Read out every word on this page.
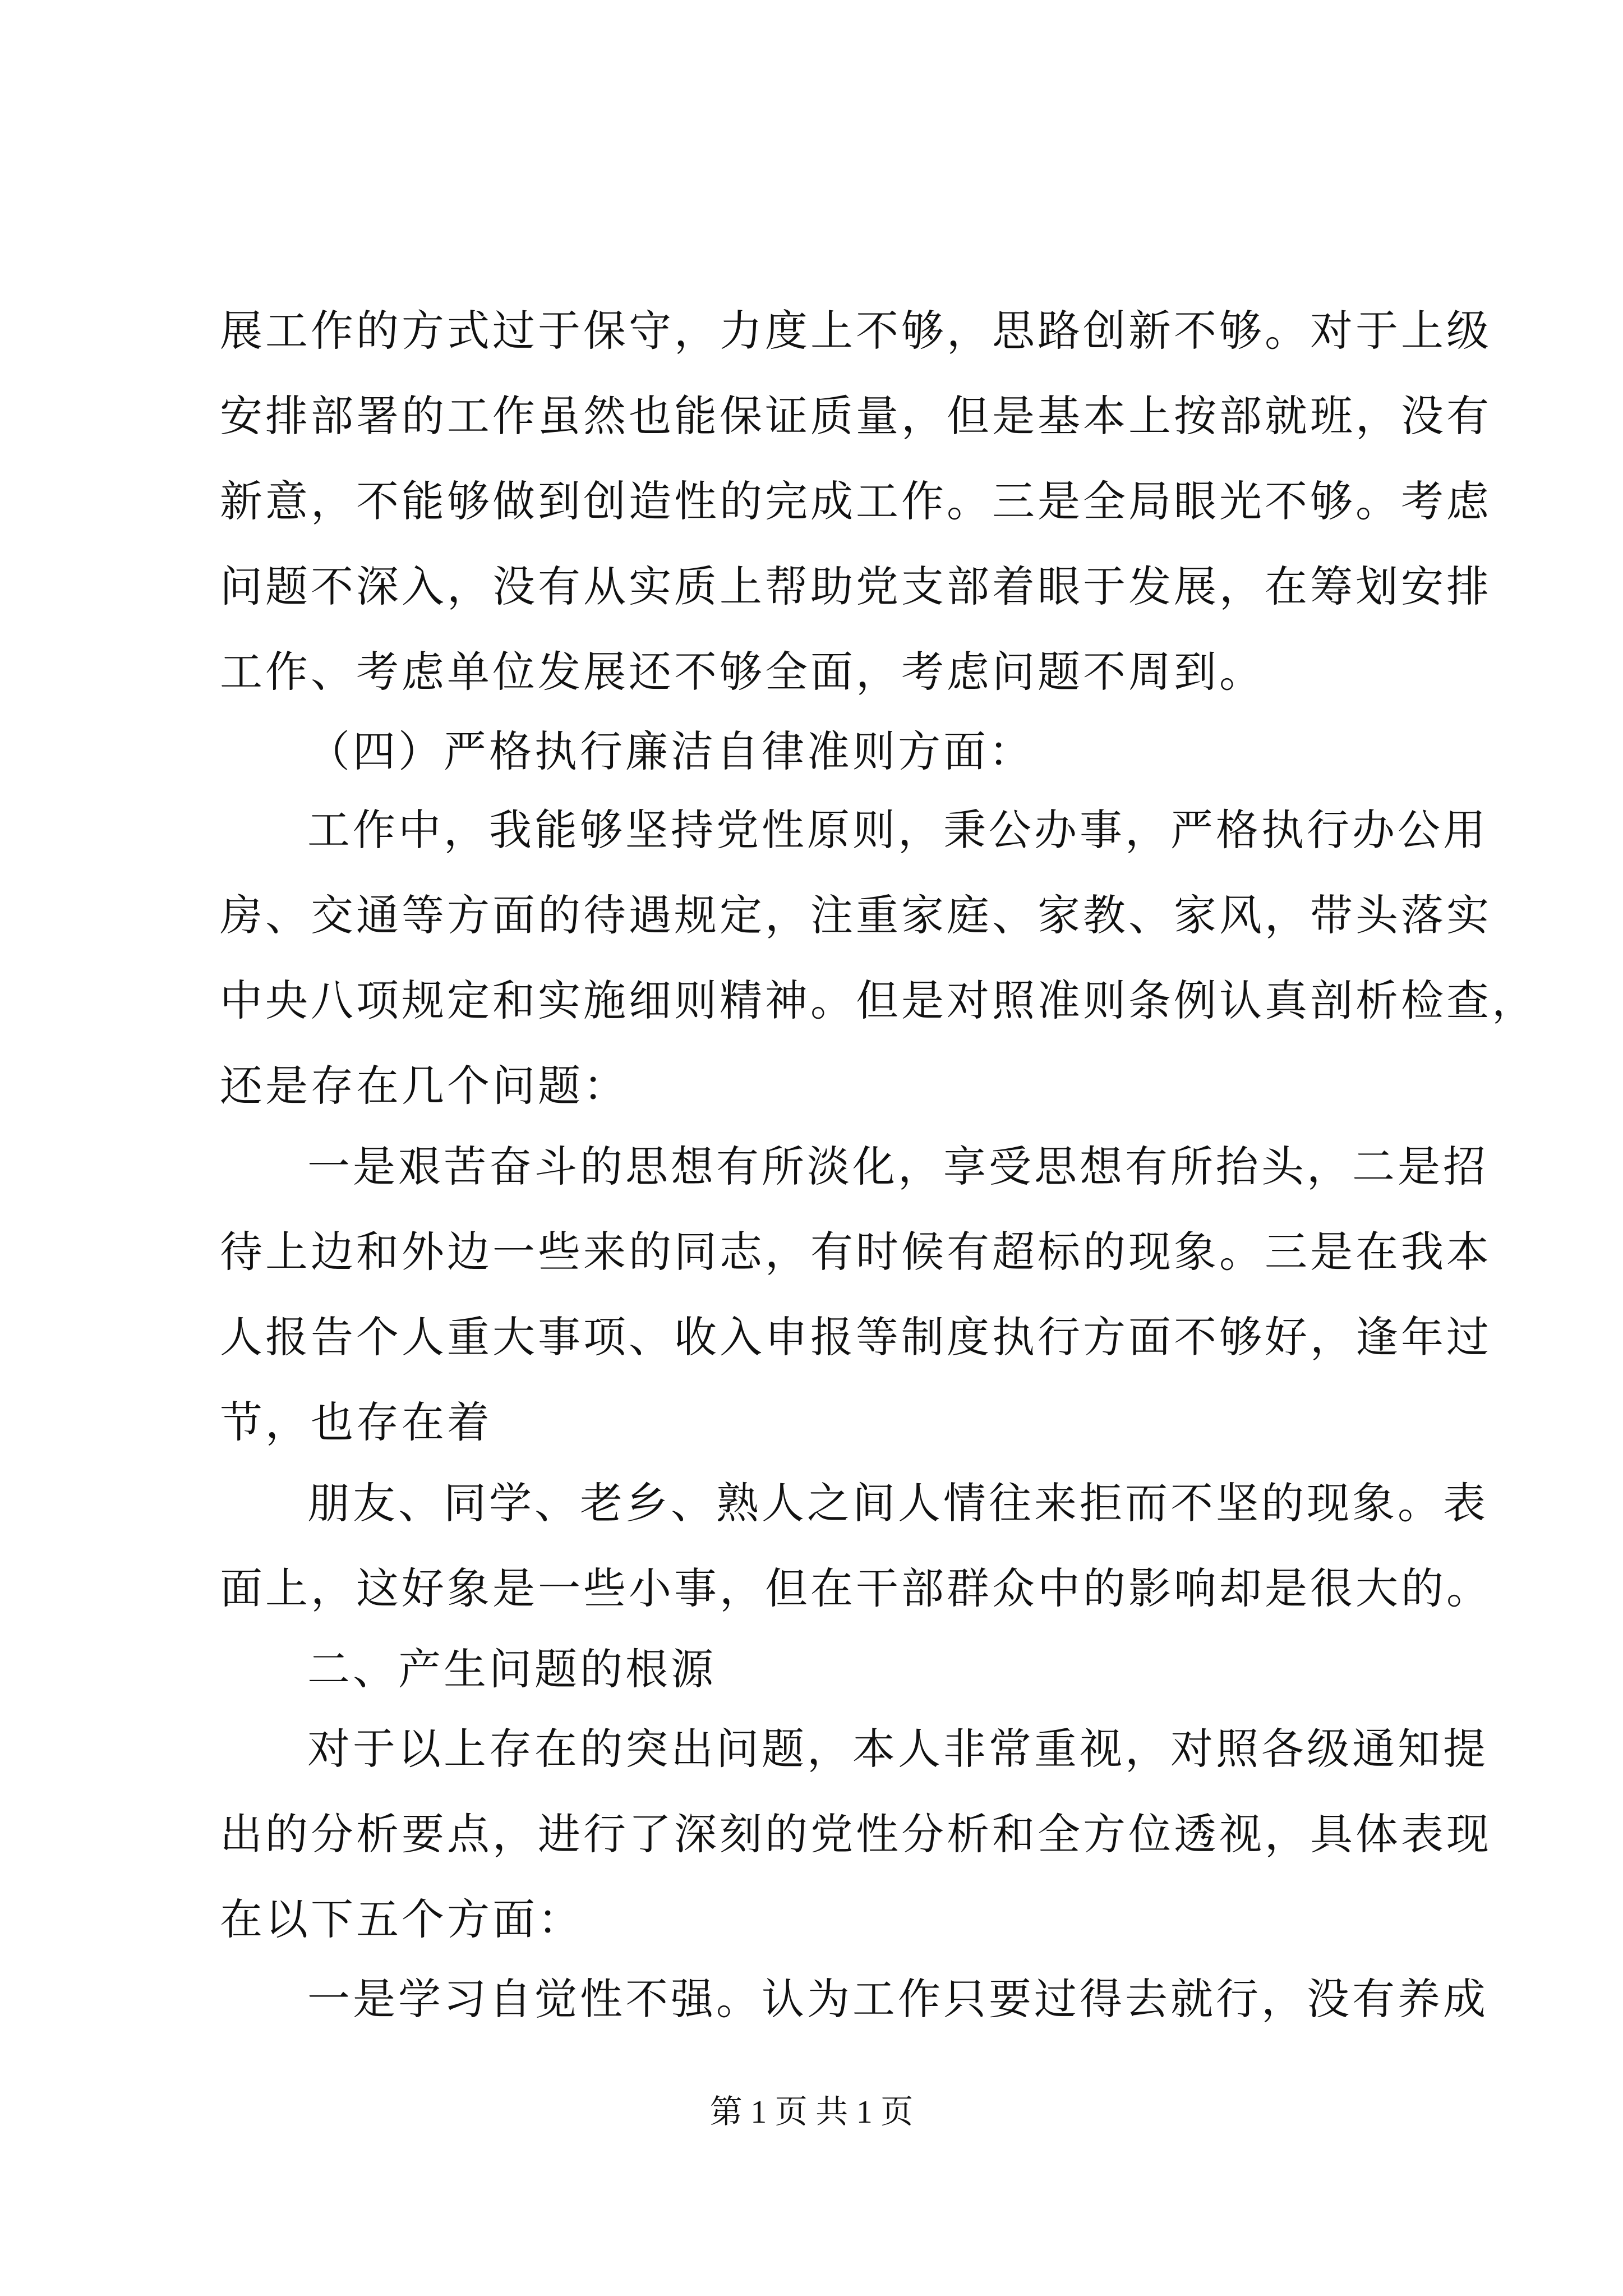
展工作的方式过于保守，力度上不够，思路创新不够。对于上级

安排部署的工作虽然也能保证质量，但是基本上按部就班，没有

新意，不能够做到创造性的完成工作。三是全局眼光不够。考虑

问题不深入，没有从实质上帮助党支部着眼于发展，在筹划安排

工作、考虑单位发展还不够全面，考虑问题不周到。

（四）严格执行廉洁自律准则方面：

工作中，我能够坚持党性原则，秉公办事，严格执行办公用

房、交通等方面的待遇规定，注重家庭、家教、家风，带头落实

中央八项规定和实施细则精神。但是对照准则条例认真剖析检查，

还是存在几个问题：

一是艰苦奋斗的思想有所淡化，享受思想有所抬头，二是招

待上边和外边一些来的同志，有时候有超标的现象。三是在我本

人报告个人重大事项、收入申报等制度执行方面不够好，逢年过

节，也存在着

朋友、同学、老乡、熟人之间人情往来拒而不坚的现象。表

面上，这好象是一些小事，但在干部群众中的影响却是很大的。

二、产生问题的根源

对于以上存在的突出问题，本人非常重视，对照各级通知提

出的分析要点，进行了深刻的党性分析和全方位透视，具体表现

在以下五个方面：

一是学习自觉性不强。认为工作只要过得去就行，没有养成

第 1 页 共 1 页
